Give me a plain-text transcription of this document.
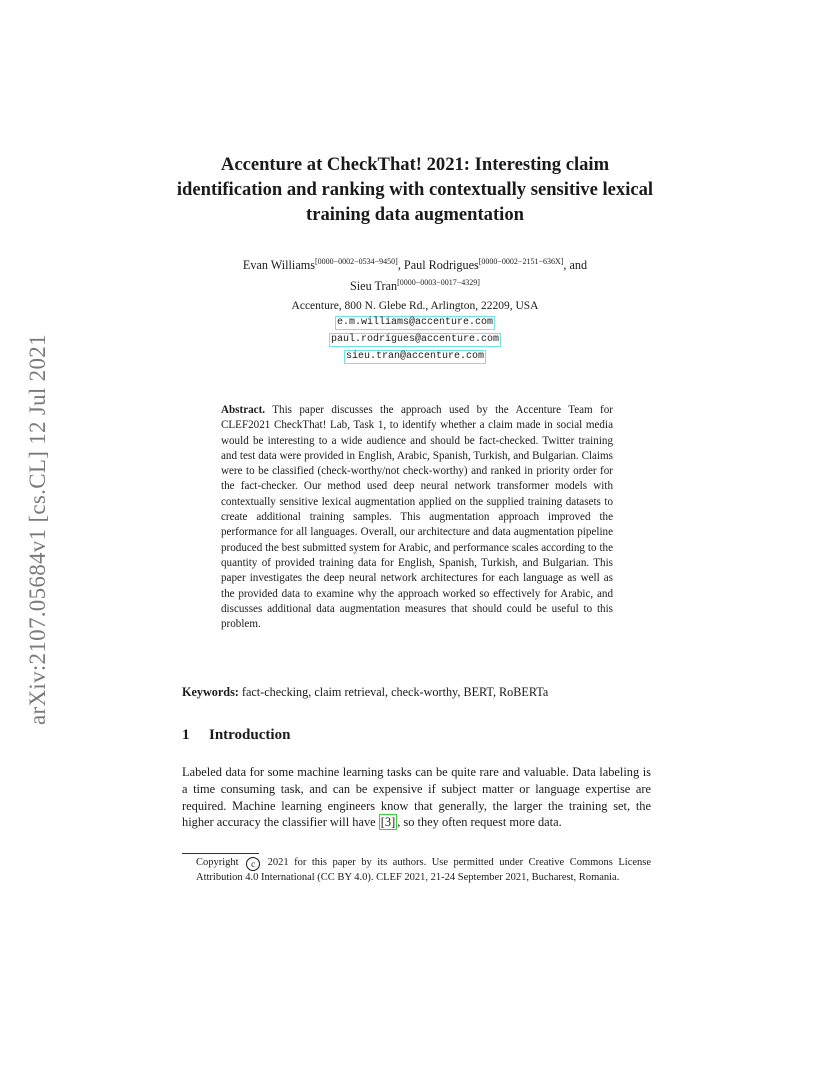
arXiv:2107.05684v1 [cs.CL] 12 Jul 2021
Accenture at CheckThat! 2021: Interesting claim identification and ranking with contextually sensitive lexical training data augmentation
Evan Williams[0000−0002−0534−9450], Paul Rodrigues[0000−0002−2151−636X], and
Sieu Tran[0000−0003−0017−4329]
Accenture, 800 N. Glebe Rd., Arlington, 22209, USA
e.m.williams@accenture.com
paul.rodrigues@accenture.com
sieu.tran@accenture.com
Abstract. This paper discusses the approach used by the Accenture Team for CLEF2021 CheckThat! Lab, Task 1, to identify whether a claim made in social media would be interesting to a wide audience and should be fact-checked. Twitter training and test data were provided in English, Arabic, Spanish, Turkish, and Bulgarian. Claims were to be classified (check-worthy/not check-worthy) and ranked in priority order for the fact-checker. Our method used deep neural network transformer models with contextually sensitive lexical augmentation applied on the supplied training datasets to create additional training samples. This augmentation approach improved the performance for all languages. Overall, our architecture and data augmentation pipeline produced the best submitted system for Arabic, and performance scales according to the quantity of provided training data for English, Spanish, Turkish, and Bulgarian. This paper investigates the deep neural network architectures for each language as well as the provided data to examine why the approach worked so effectively for Arabic, and discusses additional data augmentation measures that should could be useful to this problem.
Keywords: fact-checking, claim retrieval, check-worthy, BERT, RoBERTa
1 Introduction
Labeled data for some machine learning tasks can be quite rare and valuable. Data labeling is a time consuming task, and can be expensive if subject matter or language expertise are required. Machine learning engineers know that generally, the larger the training set, the higher accuracy the classifier will have [3] , so they often request more data.
Copyright c 2021 for this paper by its authors. Use permitted under Creative Commons License Attribution 4.0 International (CC BY 4.0). CLEF 2021, 21-24 September 2021, Bucharest, Romania.
